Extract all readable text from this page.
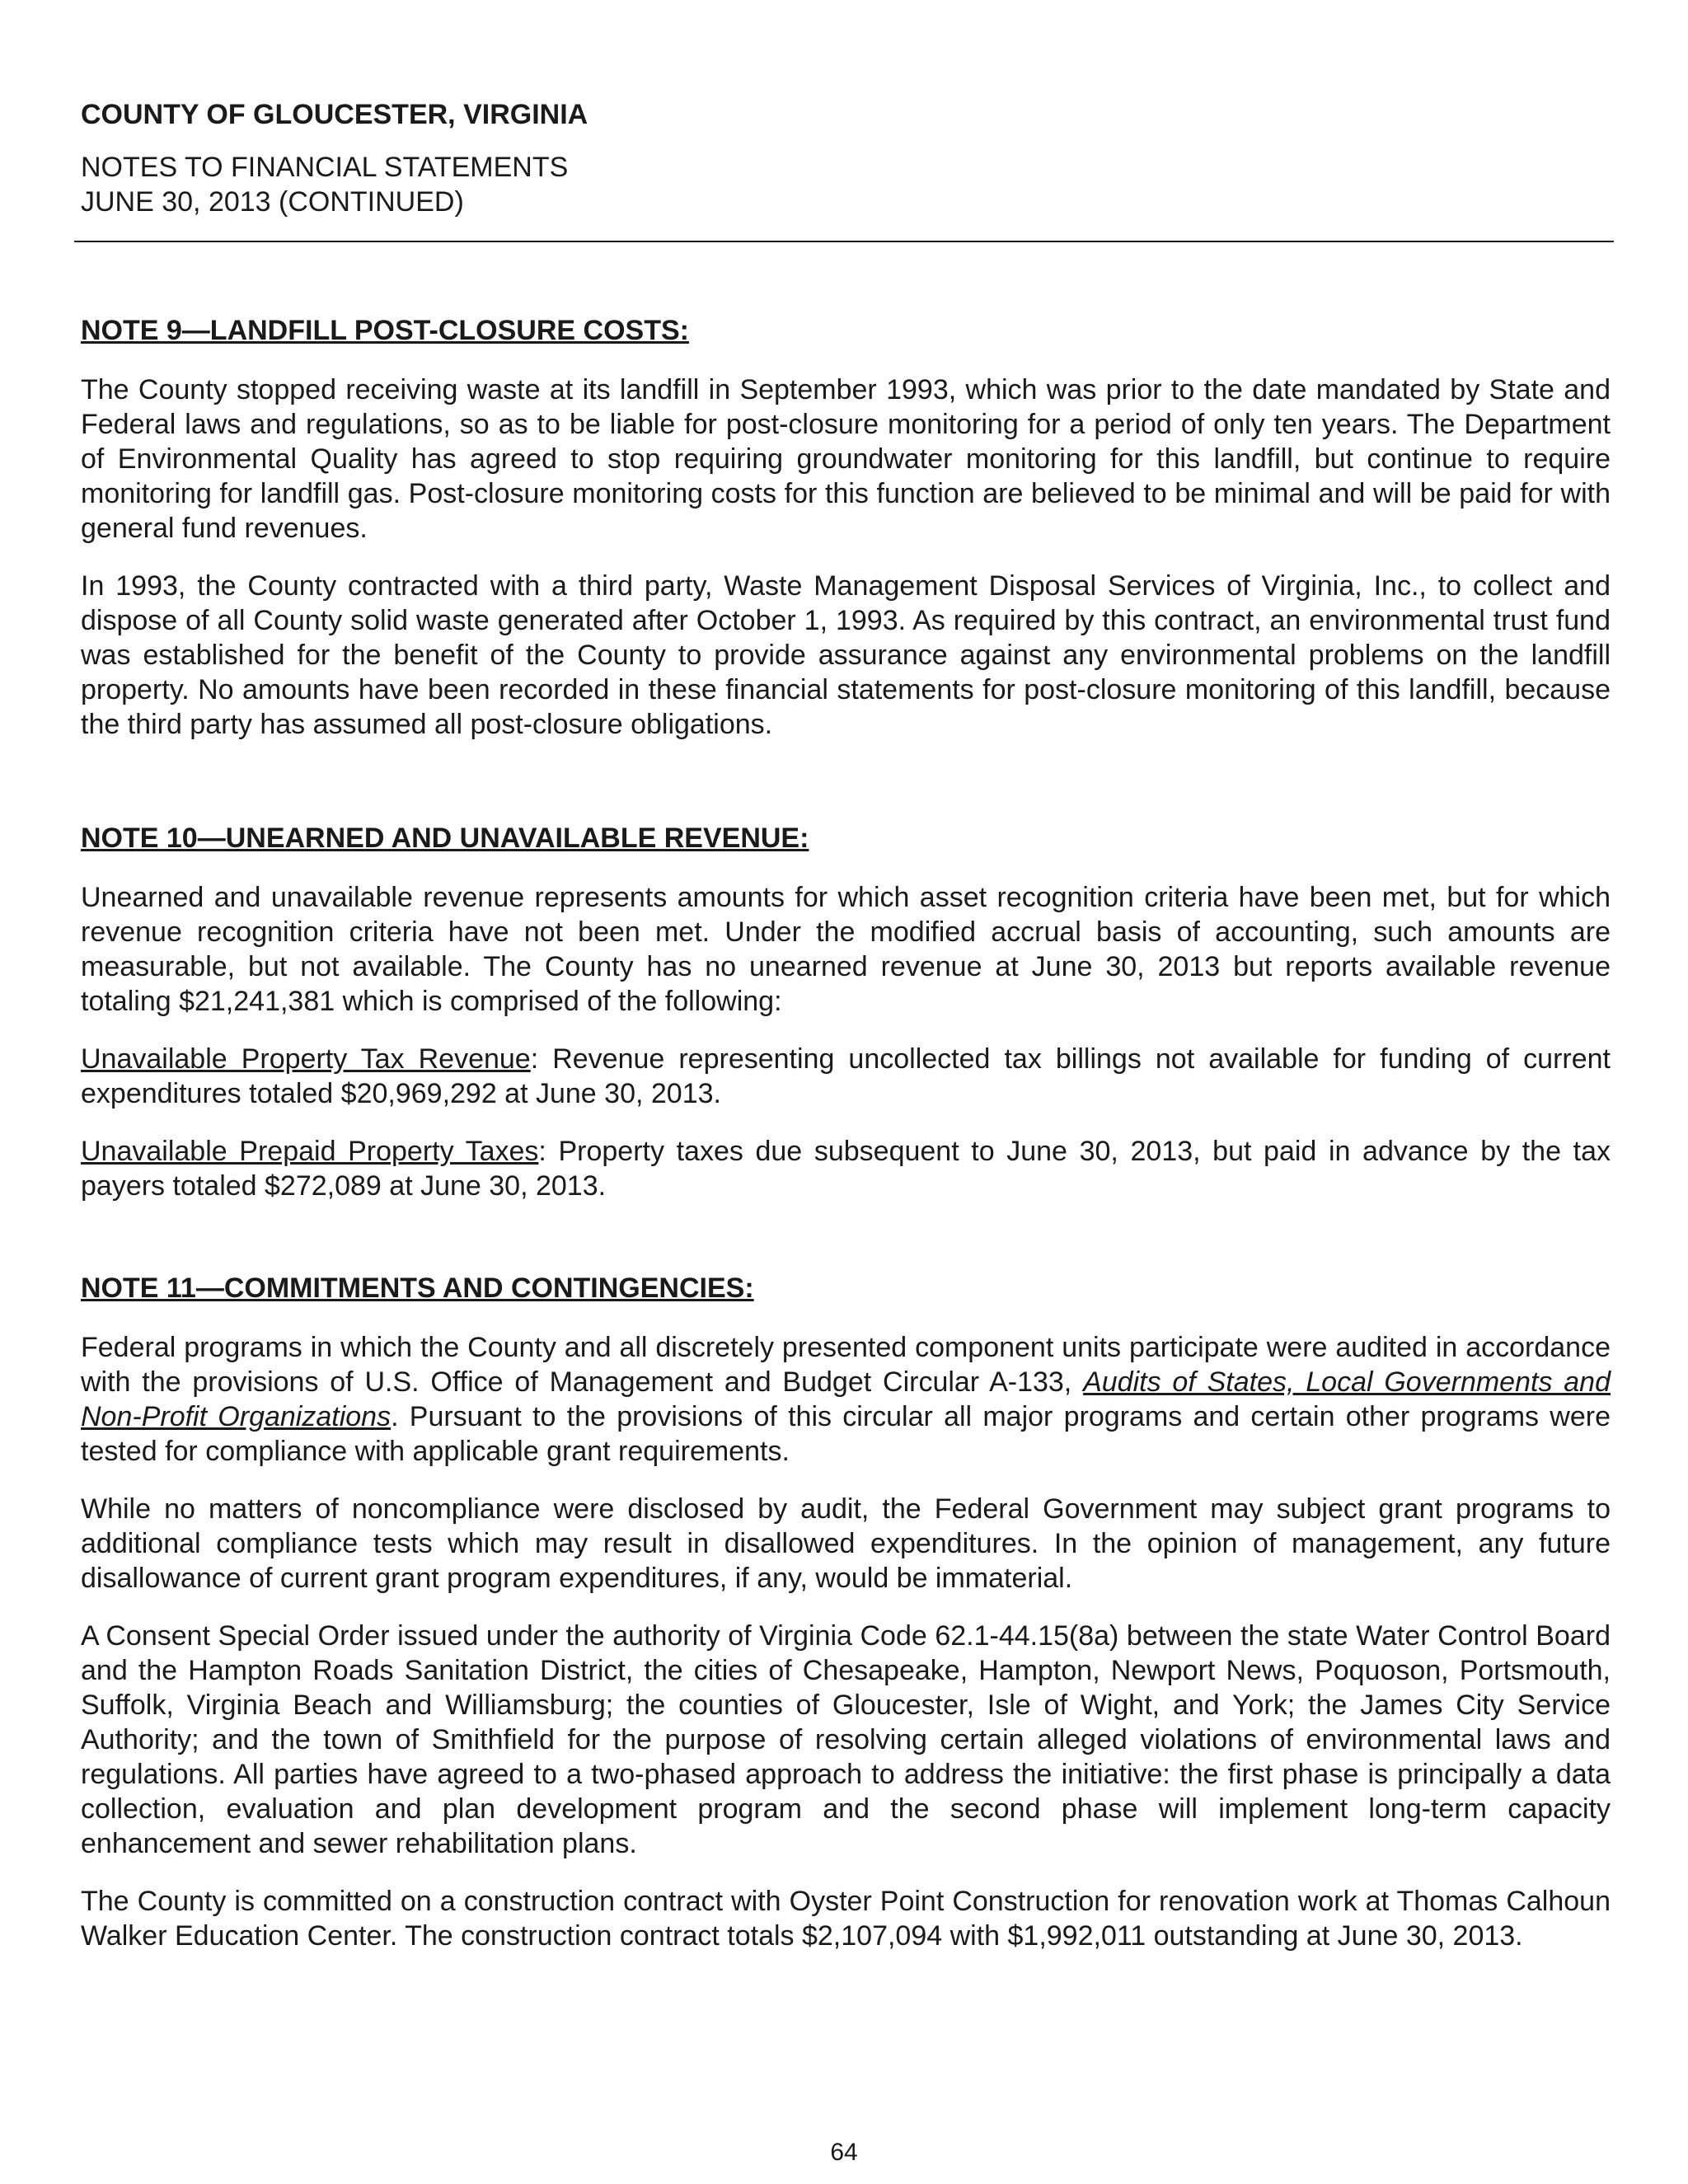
COUNTY OF GLOUCESTER, VIRGINIA
NOTES TO FINANCIAL STATEMENTS
JUNE 30, 2013 (CONTINUED)
NOTE 9—LANDFILL POST-CLOSURE COSTS:

The County stopped receiving waste at its landfill in September 1993, which was prior to the date mandated by State and Federal laws and regulations, so as to be liable for post-closure monitoring for a period of only ten years. The Department of Environmental Quality has agreed to stop requiring groundwater monitoring for this landfill, but continue to require monitoring for landfill gas. Post-closure monitoring costs for this function are believed to be minimal and will be paid for with general fund revenues.

In 1993, the County contracted with a third party, Waste Management Disposal Services of Virginia, Inc., to collect and dispose of all County solid waste generated after October 1, 1993. As required by this contract, an environmental trust fund was established for the benefit of the County to provide assurance against any environmental problems on the landfill property. No amounts have been recorded in these financial statements for post-closure monitoring of this landfill, because the third party has assumed all post-closure obligations.

NOTE 10—UNEARNED AND UNAVAILABLE REVENUE:

Unearned and unavailable revenue represents amounts for which asset recognition criteria have been met, but for which revenue recognition criteria have not been met. Under the modified accrual basis of accounting, such amounts are measurable, but not available. The County has no unearned revenue at June 30, 2013 but reports available revenue totaling $21,241,381 which is comprised of the following:

Unavailable Property Tax Revenue: Revenue representing uncollected tax billings not available for funding of current expenditures totaled $20,969,292 at June 30, 2013.

Unavailable Prepaid Property Taxes: Property taxes due subsequent to June 30, 2013, but paid in advance by the tax payers totaled $272,089 at June 30, 2013.

NOTE 11—COMMITMENTS AND CONTINGENCIES:

Federal programs in which the County and all discretely presented component units participate were audited in accordance with the provisions of U.S. Office of Management and Budget Circular A-133, Audits of States, Local Governments and Non-Profit Organizations. Pursuant to the provisions of this circular all major programs and certain other programs were tested for compliance with applicable grant requirements.

While no matters of noncompliance were disclosed by audit, the Federal Government may subject grant programs to additional compliance tests which may result in disallowed expenditures. In the opinion of management, any future disallowance of current grant program expenditures, if any, would be immaterial.

A Consent Special Order issued under the authority of Virginia Code 62.1-44.15(8a) between the state Water Control Board and the Hampton Roads Sanitation District, the cities of Chesapeake, Hampton, Newport News, Poquoson, Portsmouth, Suffolk, Virginia Beach and Williamsburg; the counties of Gloucester, Isle of Wight, and York; the James City Service Authority; and the town of Smithfield for the purpose of resolving certain alleged violations of environmental laws and regulations. All parties have agreed to a two-phased approach to address the initiative: the first phase is principally a data collection, evaluation and plan development program and the second phase will implement long-term capacity enhancement and sewer rehabilitation plans.

The County is committed on a construction contract with Oyster Point Construction for renovation work at Thomas Calhoun Walker Education Center. The construction contract totals $2,107,094 with $1,992,011 outstanding at June 30, 2013.

64
